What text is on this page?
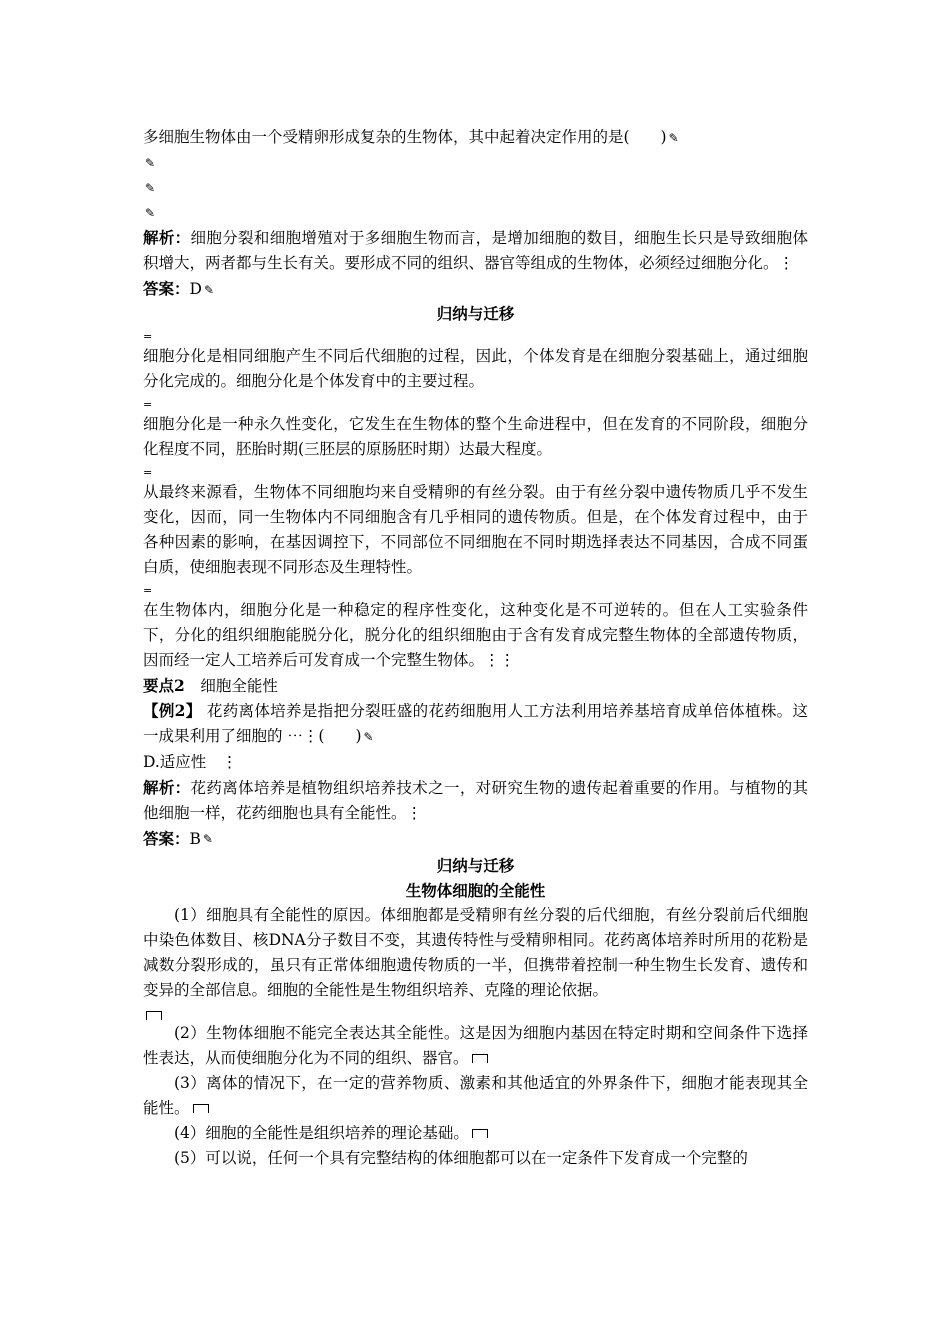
多细胞生物体由一个受精卵形成复杂的生物体，其中起着决定作用的是(　　) ✎
✎
✎
✎
解析：细胞分裂和细胞增殖对于多细胞生物而言，是增加细胞的数目，细胞生长只是导致细胞体积增大，两者都与生长有关。要形成不同的组织、器官等组成的生物体，必须经过细胞分化。⋮
答案：D ✎
归纳与迁移
=
细胞分化是相同细胞产生不同后代细胞的过程，因此，个体发育是在细胞分裂基础上，通过细胞分化完成的。细胞分化是个体发育中的主要过程。
=
细胞分化是一种永久性变化，它发生在生物体的整个生命进程中，但在发育的不同阶段，细胞分化程度不同，胚胎时期(三胚层的原肠胚时期）达最大程度。
=
从最终来源看，生物体不同细胞均来自受精卵的有丝分裂。由于有丝分裂中遗传物质几乎不发生变化，因而，同一生物体内不同细胞含有几乎相同的遗传物质。但是，在个体发育过程中，由于各种因素的影响，在基因调控下，不同部位不同细胞在不同时期选择表达不同基因，合成不同蛋白质，使细胞表现不同形态及生理特性。
=
在生物体内，细胞分化是一种稳定的程序性变化，这种变化是不可逆转的。但在人工实验条件下，分化的组织细胞能脱分化，脱分化的组织细胞由于含有发育成完整生物体的全部遗传物质，因而经一定人工培养后可发育成一个完整生物体。⋮⋮
要点2　 细胞全能性
【例2】 花药离体培养是指把分裂旺盛的花药细胞用人工方法利用培养基培育成单倍体植株。这一成果利用了细胞的 ⋯⋮(　　) ✎
D.适应性　⋮
解析：花药离体培养是植物组织培养技术之一，对研究生物的遗传起着重要的作用。与植物的其他细胞一样，花药细胞也具有全能性。⋮
答案：B ✎
归纳与迁移
生物体细胞的全能性
(1）细胞具有全能性的原因。体细胞都是受精卵有丝分裂的后代细胞，有丝分裂前后代细胞中染色体数目、核DNA分子数目不变，其遗传特性与受精卵相同。花药离体培养时所用的花粉是减数分裂形成的，虽只有正常体细胞遗传物质的一半，但携带着控制一种生物生长发育、遗传和变异的全部信息。细胞的全能性是生物组织培养、克隆的理论依据。
(2）生物体细胞不能完全表达其全能性。这是因为细胞内基因在特定时期和空间条件下选择性表达，从而使细胞分化为不同的组织、器官。
(3）离体的情况下，在一定的营养物质、激素和其他适宜的外界条件下，细胞才能表现其全能性。
(4）细胞的全能性是组织培养的理论基础。
(5）可以说，任何一个具有完整结构的体细胞都可以在一定条件下发育成一个完整的
